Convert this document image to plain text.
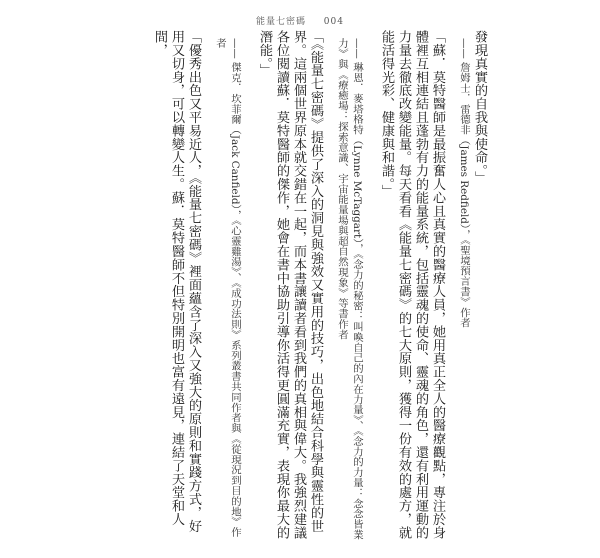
能量七密碼 004

發現真實的自我與使命。」

—— 詹姆士．雷德非（James Redfield），《聖境預言書》作者

「蘇．莫特醫師是最振奮人心且真實的醫療人員，她用真正全人的醫療觀點，專注於身體裡互相連結且蓬勃有力的能量系統，包括靈魂的使命、靈魂的角色，還有利用運動的力量去徹底改變能量。每天看看《能量七密碼》的七大原則，獲得一份有效的處方，就能活得光彩、健康與和諧。」

—— 琳恩．麥塔格特（Lynne McTaggart），《念力的秘密：叫喚自己的內在力量》、《念力的力量：念念皆業力》與《療癒場：探索意識、宇宙能量場與超自然現象》等書作者

「《能量七密碼》提供了深入的洞見與強效又實用的技巧，出色地結合科學與靈性的世界。這兩個世界原本就交錯在一起，而本書讓讀者看到我們的真相與偉大。我強烈建議各位閱讀蘇．莫特醫師的傑作，她會在書中協助引導你活得更圓滿充實，表現你最大的潛能。」

—— 傑克．坎菲爾（Jack Canfield），《心靈雞湯》、《成功法則》系列叢書共同作者與《從現況到目的地》作者

「優秀出色又平易近人，《能量七密碼》裡面蘊含了深入又強大的原則和實踐方式，好用又切身，可以轉變人生。蘇．莫特醫師不但特別開明也富有遠見，連結了天堂和人間，
